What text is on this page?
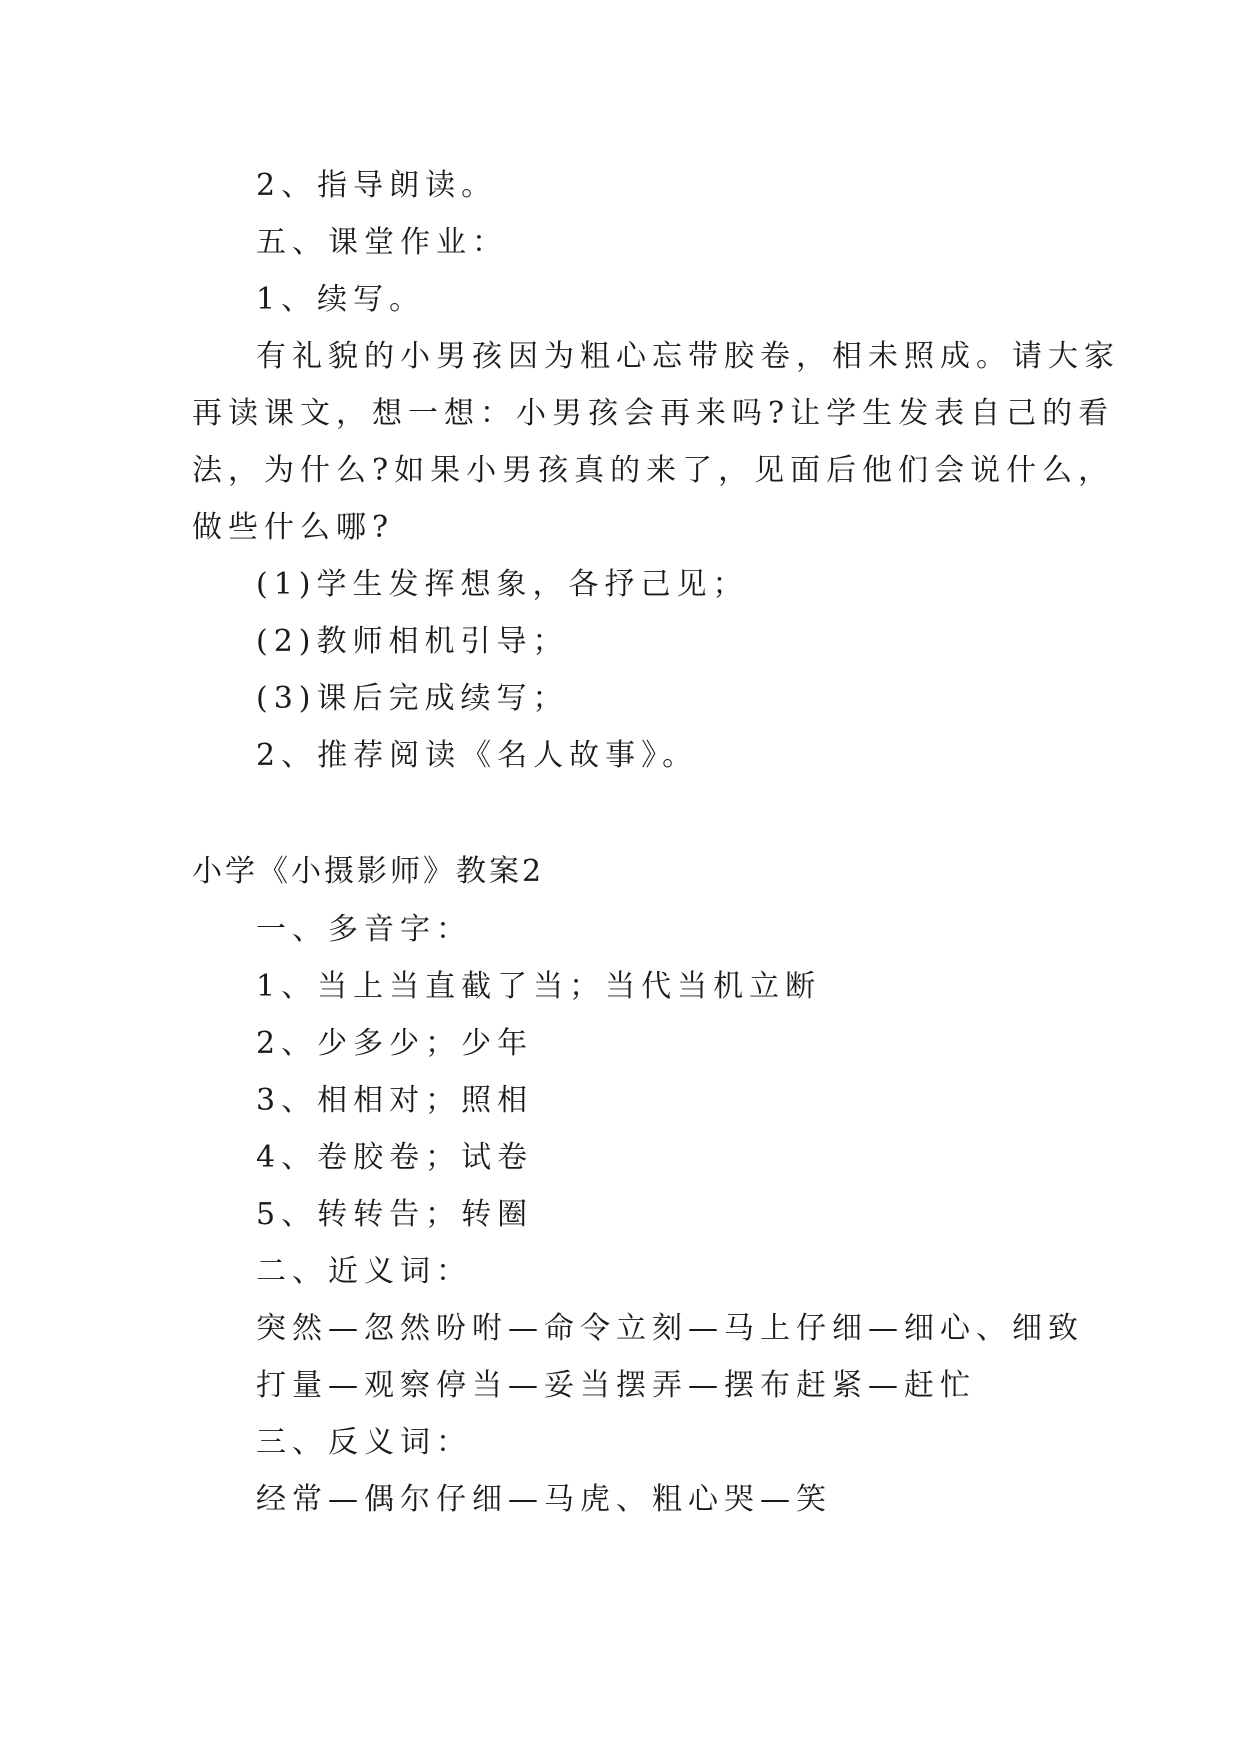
2、指导朗读。

五、课堂作业：

1、续写。

有礼貌的小男孩因为粗心忘带胶卷，相未照成。请大家

再读课文，想一想：小男孩会再来吗?让学生发表自己的看

法，为什么?如果小男孩真的来了，见面后他们会说什么，

做些什么哪?

(1)学生发挥想象，各抒己见；

(2)教师相机引导；

(3)课后完成续写；

2、推荐阅读《名人故事》。

小学《小摄影师》教案2

一、多音字：

1、当上当直截了当；当代当机立断

2、少多少；少年

3、相相对；照相

4、卷胶卷；试卷

5、转转告；转圈

二、近义词：

突然—忽然吩咐—命令立刻—马上仔细—细心、细致

打量—观察停当—妥当摆弄—摆布赶紧—赶忙

三、反义词：

经常—偶尔仔细—马虎、粗心哭—笑
